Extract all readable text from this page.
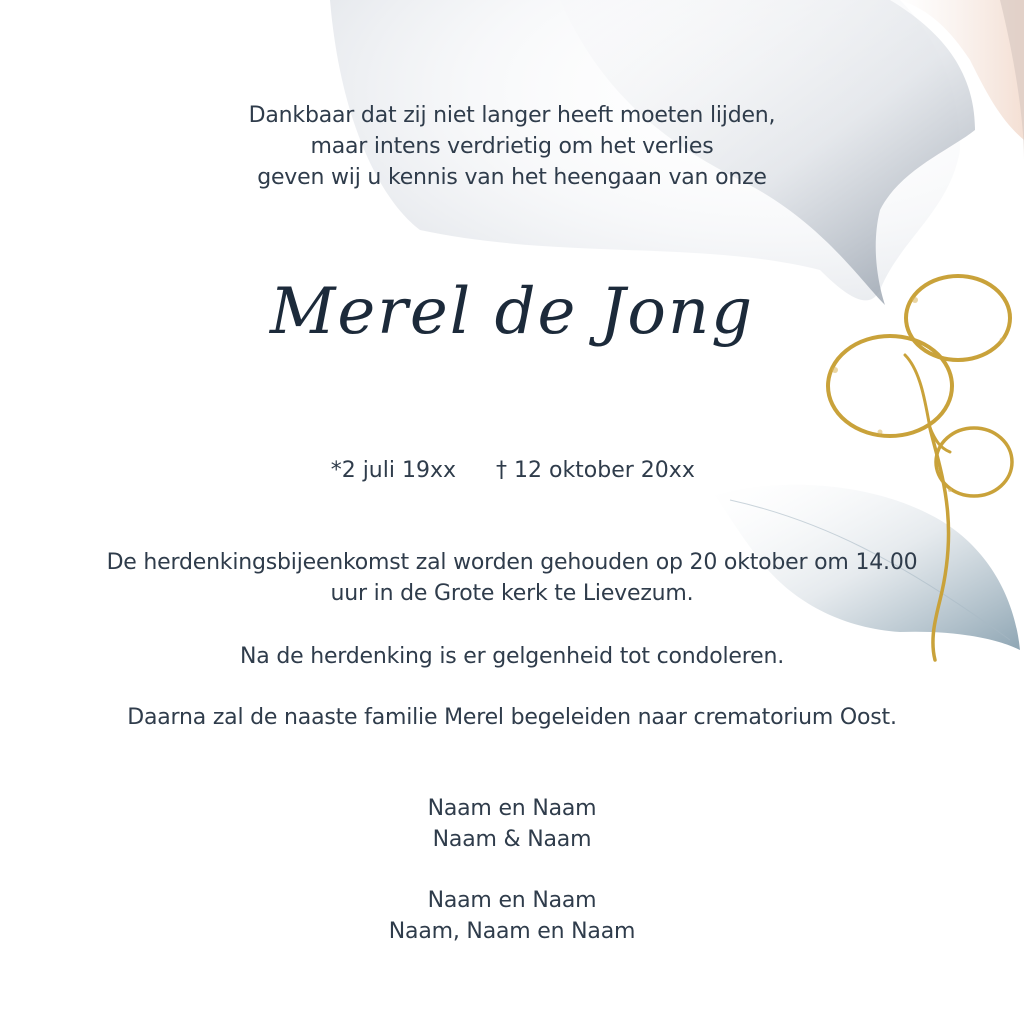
Dankbaar dat zij niet langer heeft moeten lijden,
maar intens verdrietig om het verlies
geven wij u kennis van het heengaan van onze
Merel de Jong
*2 juli 19xx † 12 oktober 20xx
De herdenkingsbijeenkomst zal worden gehouden op 20 oktober om 14.00
uur in de Grote kerk te Lievezum.
Na de herdenking is er gelgenheid tot condoleren.
Daarna zal de naaste familie Merel begeleiden naar crematorium Oost.
Naam en Naam
Naam & Naam
Naam en Naam
Naam, Naam en Naam
